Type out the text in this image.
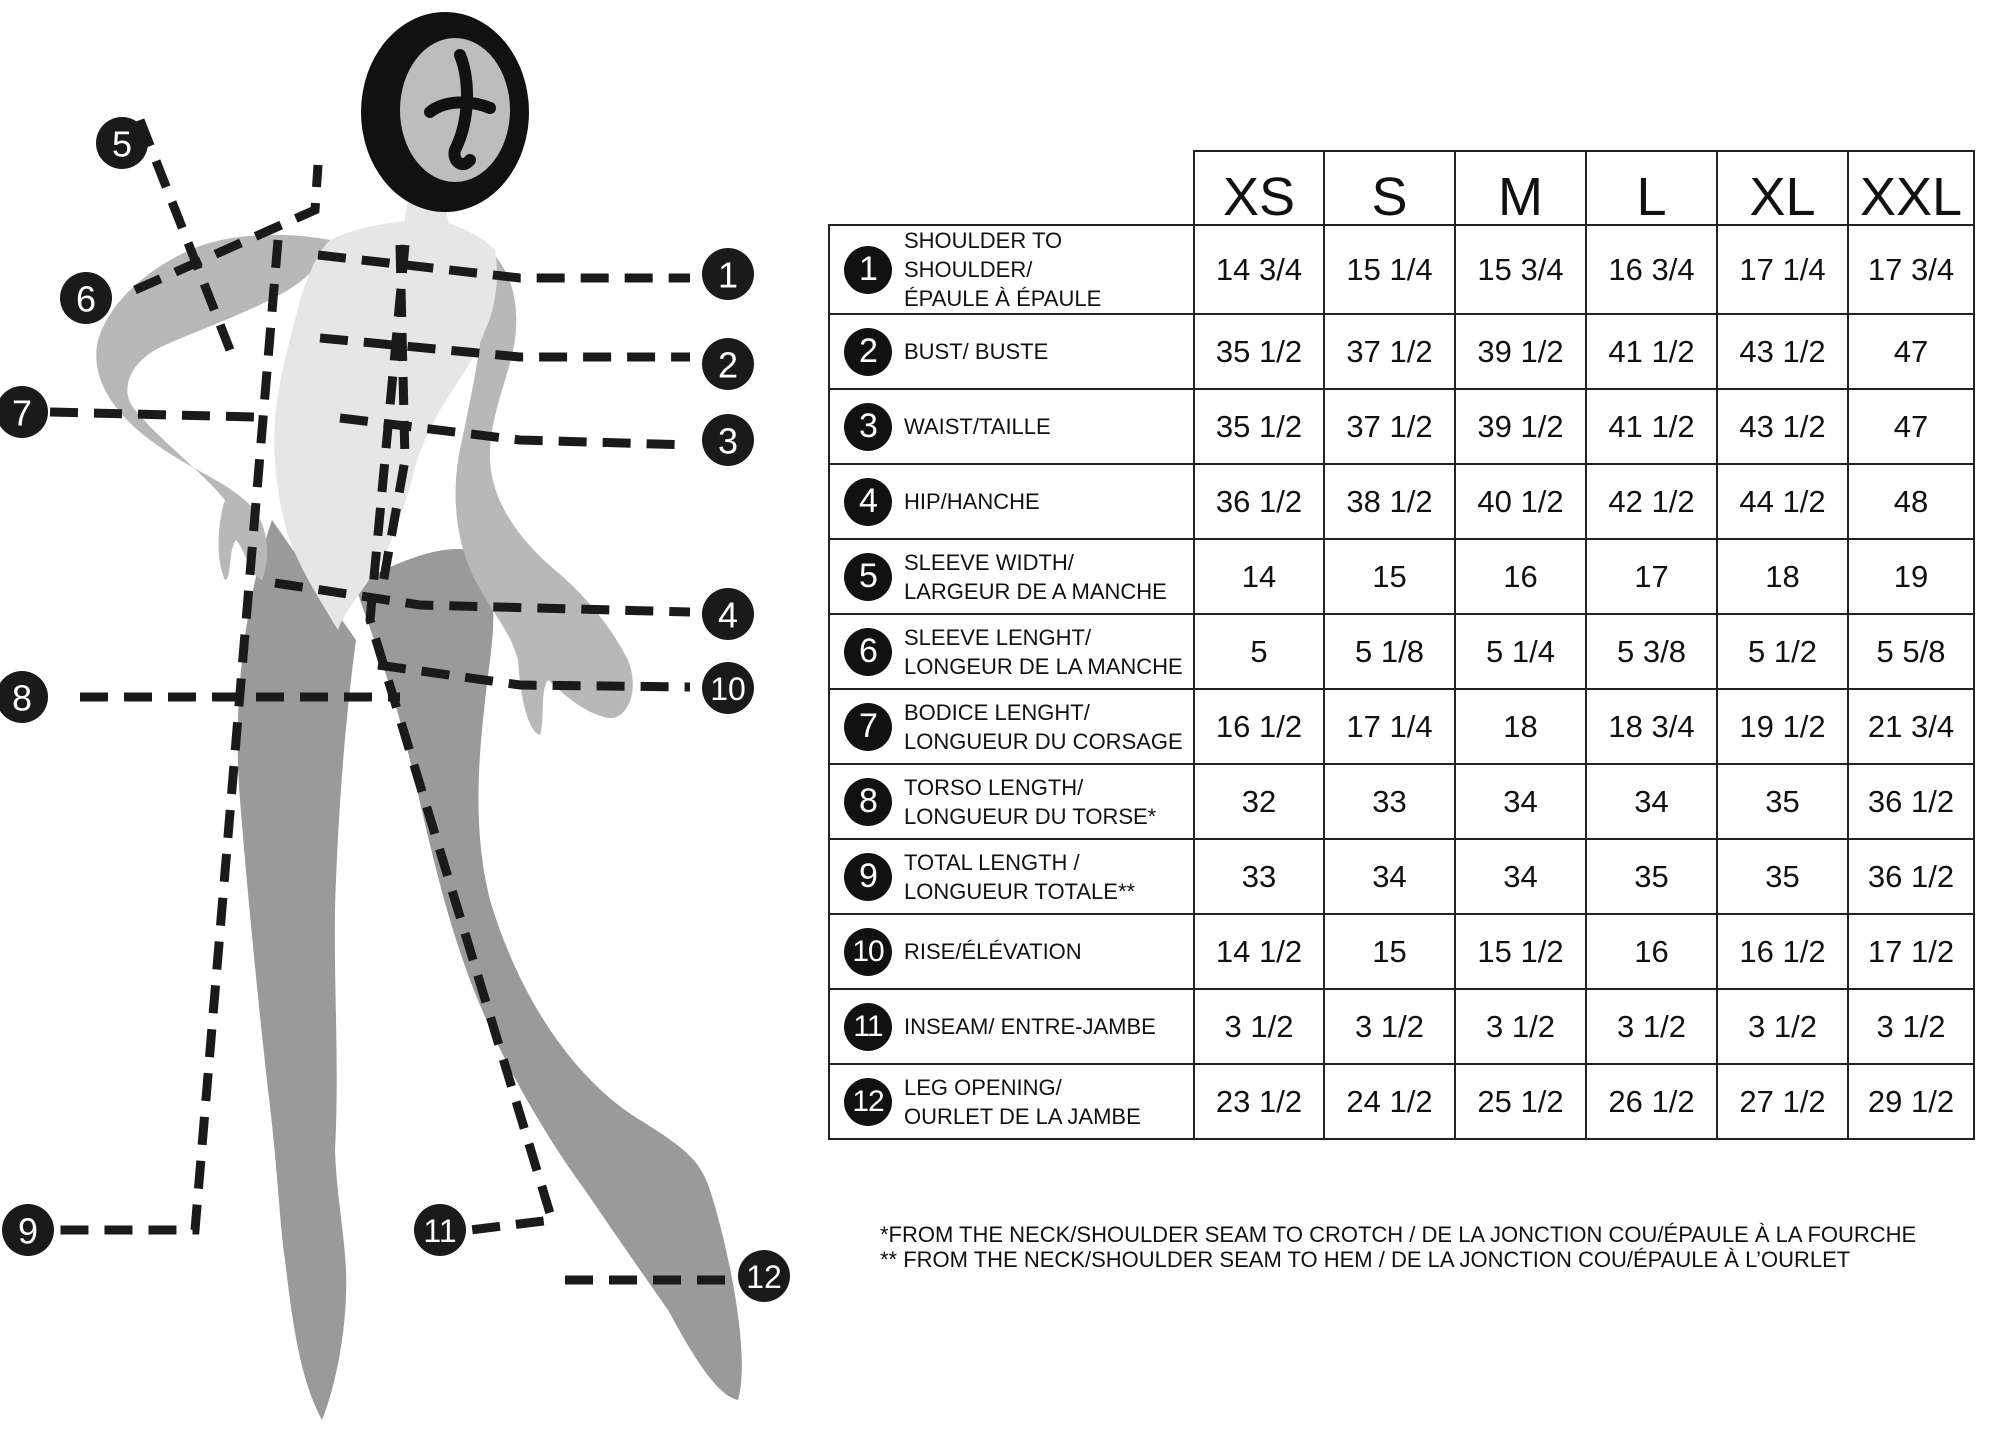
1
2
3
4
5
6
7
8
9
10
11
12
	XS	S	M	L	XL	XXL

1
SHOULDER TO SHOULDER/
ÉPAULE À ÉPAULE	14 3/4	15 1/4	15 3/4	16 3/4	17 1/4	17 3/4

2 BUST/ BUSTE	35 1/2	37 1/2	39 1/2	41 1/2	43 1/2	47

3 WAIST/TAILLE	35 1/2	37 1/2	39 1/2	41 1/2	43 1/2	47

4 HIP/HANCHE	36 1/2	38 1/2	40 1/2	42 1/2	44 1/2	48

5 SLEEVE WIDTH/
LARGEUR DE A MANCHE	14	15	16	17	18	19

6 SLEEVE LENGHT/
LONGEUR DE LA MANCHE	5	5 1/8	5 1/4	5 3/8	5 1/2	5 5/8

7 BODICE LENGHT/
LONGUEUR DU CORSAGE	16 1/2	17 1/4	18	18 3/4	19 1/2	21 3/4

8 TORSO LENGTH/
LONGUEUR DU TORSE*	32	33	34	34	35	36 1/2

9 TOTAL LENGTH /
LONGUEUR TOTALE**	33	34	34	35	35	36 1/2

10 RISE/ÉLÉVATION	14 1/2	15	15 1/2	16	16 1/2	17 1/2

11 INSEAM/ ENTRE-JAMBE	3 1/2	3 1/2	3 1/2	3 1/2	3 1/2	3 1/2

12 LEG OPENING/
OURLET DE LA JAMBE	23 1/2	24 1/2	25 1/2	26 1/2	27 1/2	29 1/2
*FROM THE NECK/SHOULDER SEAM TO CROTCH / DE LA JONCTION COU/ÉPAULE À LA FOURCHE
** FROM THE NECK/SHOULDER SEAM TO HEM / DE LA JONCTION COU/ÉPAULE À L’OURLET
